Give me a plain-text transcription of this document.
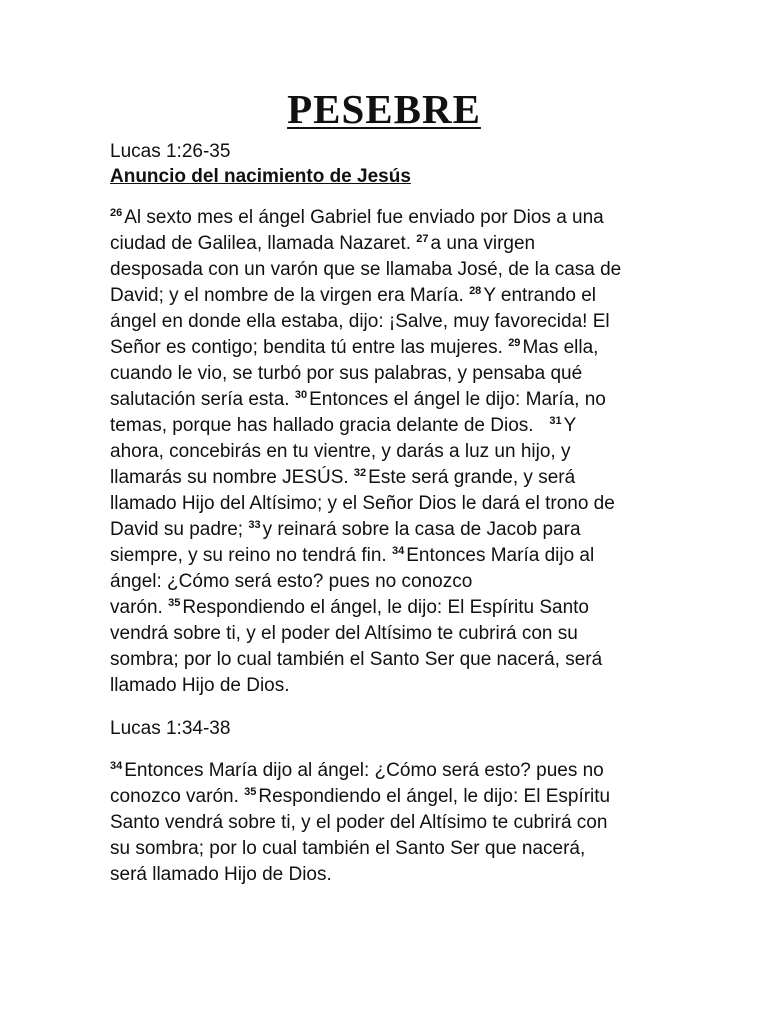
PESEBRE

Lucas 1:26-35

Anuncio del nacimiento de Jesús

$^{26}$ Al sexto mes el ángel Gabriel fue enviado por Dios a una
ciudad de Galilea, llamada Nazaret. $^{27}$ a una virgen
desposada con un varón que se llamaba José, de la casa de
David; y el nombre de la virgen era María. $^{28}$ Y entrando el
ángel en donde ella estaba, dijo: ¡Salve, muy favorecida! El
Señor es contigo; bendita tú entre las mujeres. $^{29}$ Mas ella,
cuando le vio, se turbó por sus palabras, y pensaba qué
salutación sería esta. $^{30}$ Entonces el ángel le dijo: María, no
temas, porque has hallado gracia delante de Dios.   $^{31}$ Y
ahora, concebirás en tu vientre, y darás a luz un hijo, y
llamarás su nombre JESÚS. $^{32}$ Este será grande, y será
llamado Hijo del Altísimo; y el Señor Dios le dará el trono de
David su padre; $^{33}$ y reinará sobre la casa de Jacob para
siempre, y su reino no tendrá fin. $^{34}$ Entonces María dijo al
ángel: ¿Cómo será esto? pues no conozco
varón. $^{35}$ Respondiendo el ángel, le dijo: El Espíritu Santo
vendrá sobre ti, y el poder del Altísimo te cubrirá con su
sombra; por lo cual también el Santo Ser que nacerá, será
llamado Hijo de Dios.

Lucas 1:34-38

$^{34}$ Entonces María dijo al ángel: ¿Cómo será esto? pues no
conozco varón. $^{35}$ Respondiendo el ángel, le dijo: El Espíritu
Santo vendrá sobre ti, y el poder del Altísimo te cubrirá con
su sombra; por lo cual también el Santo Ser que nacerá,
será llamado Hijo de Dios.
